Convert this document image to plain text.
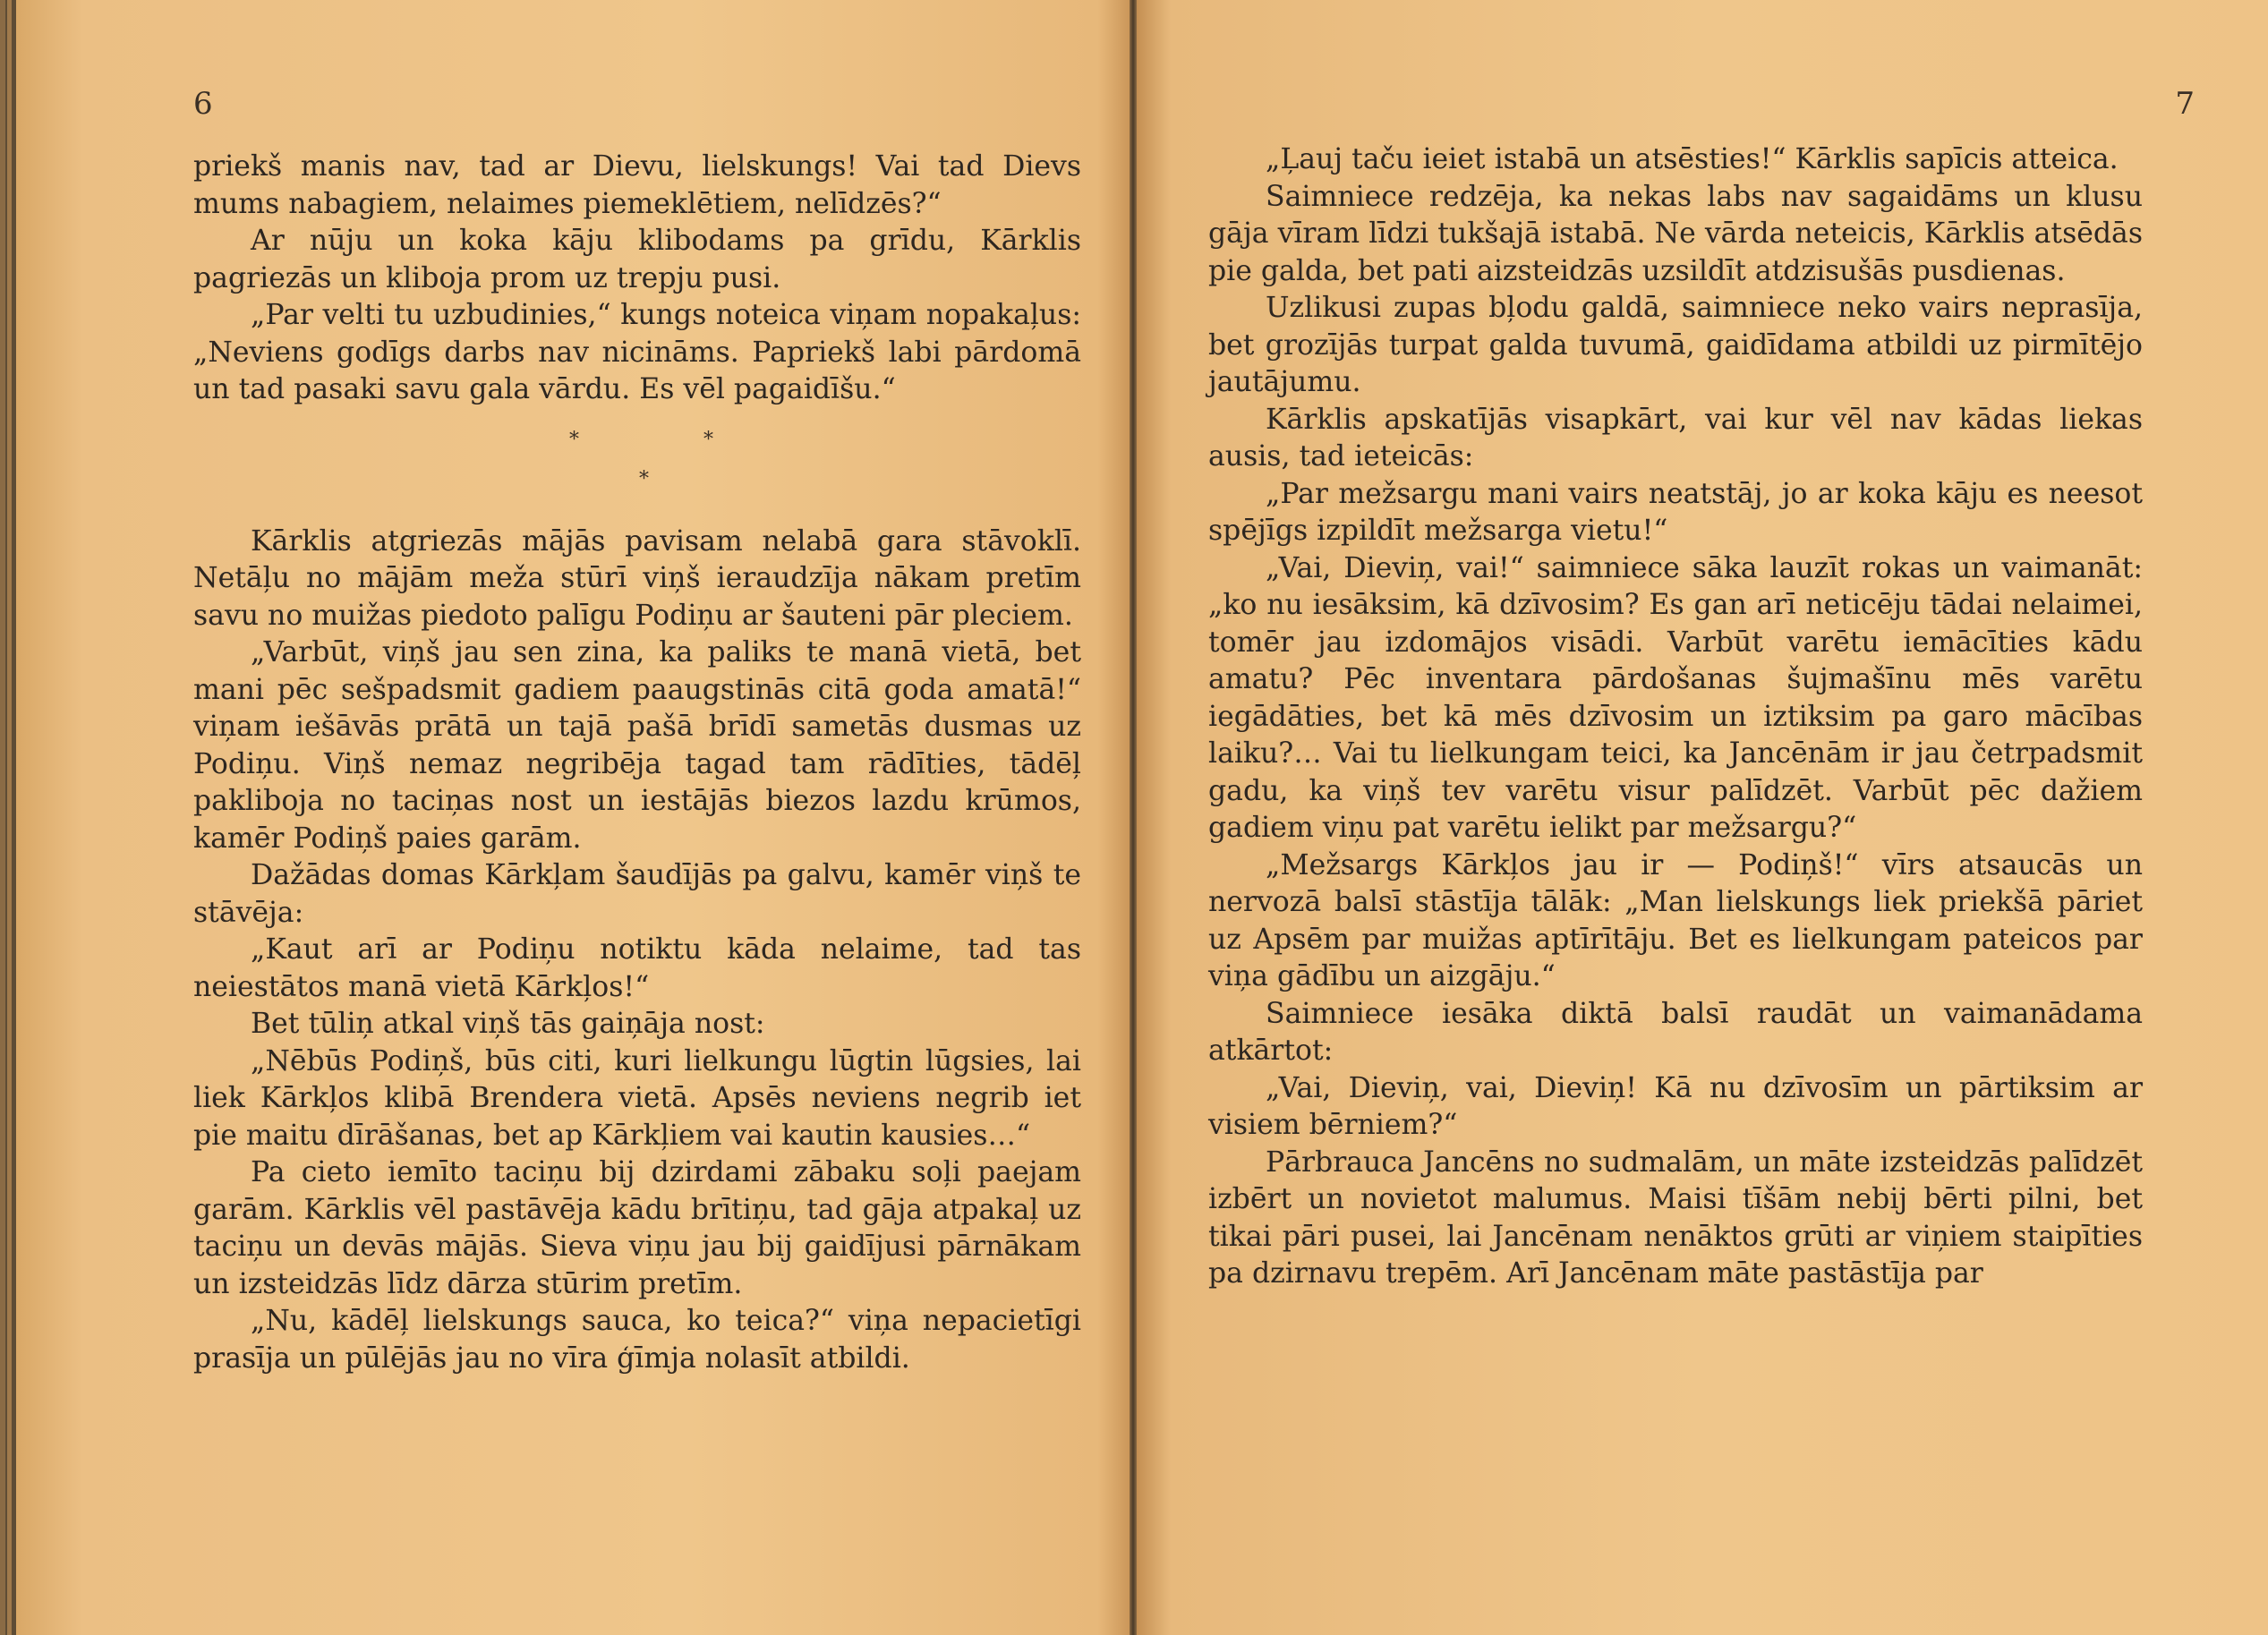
6

priekš manis nav, tad ar Dievu, lielskungs! Vai tad Dievs mums nabagiem, nelaimes piemeklētiem, nelīdzēs?“

Ar nūju un koka kāju klibodams pa grīdu, Kārklis pagriezās un kliboja prom uz trepju pusi.

„Par velti tu uzbudinies,“ kungs noteica viņam nopakaļus: „Neviens godīgs darbs nav nicināms. Papriekš labi pārdomā un tad pasaki savu gala vārdu. Es vēl pagaidīšu.“

*	*
*

Kārklis atgriezās mājās pavisam nelabā gara stāvoklī. Netāļu no mājām meža stūrī viņš ieraudzīja nākam pretīm savu no muižas piedoto palīgu Podiņu ar šauteni pār pleciem.

„Varbūt, viņš jau sen zina, ka paliks te manā vietā, bet mani pēc sešpadsmit gadiem paaugstinās citā goda amatā!“ viņam iešāvās prātā un tajā pašā brīdī sametās dusmas uz Podiņu. Viņš nemaz negribēja tagad tam rādīties, tādēļ pakliboja no taciņas nost un iestājās biezos lazdu krūmos, kamēr Podiņš paies garām.

Dažādas domas Kārkļam šaudījās pa galvu, kamēr viņš te stāvēja:

„Kaut arī ar Podiņu notiktu kāda nelaime, tad tas neiestātos manā vietā Kārkļos!“

Bet tūliņ atkal viņš tās gaiņāja nost:

„Nēbūs Podiņš, būs citi, kuri lielkungu lūgtin lūgsies, lai liek Kārkļos klibā Brendera vietā. Apsēs neviens negrib iet pie maitu dīrāšanas, bet ap Kārkļiem vai kautin kausies…“

Pa cieto iemīto taciņu bij dzirdami zābaku soļi paejam garām. Kārklis vēl pastāvēja kādu brītiņu, tad gāja atpakaļ uz taciņu un devās mājās. Sieva viņu jau bij gaidījusi pārnākam un izsteidzās līdz dārza stūrim pretīm.

„Nu, kādēļ lielskungs sauca, ko teica?“ viņa nepacietīgi prasīja un pūlējās jau no vīra ģīmja nolasīt atbildi.

7

„Ļauj taču ieiet istabā un atsēsties!“ Kārklis sapīcis atteica.

Saimniece redzēja, ka nekas labs nav sagaidāms un klusu gāja vīram līdzi tukšajā istabā. Ne vārda neteicis, Kārklis atsēdās pie galda, bet pati aizsteidzās uzsildīt atdzisušās pusdienas.

Uzlikusi zupas bļodu galdā, saimniece neko vairs neprasīja, bet grozījās turpat galda tuvumā, gaidīdama atbildi uz pirmītējo jautājumu.

Kārklis apskatījās visapkārt, vai kur vēl nav kādas liekas ausis, tad ieteicās:

„Par mežsargu mani vairs neatstāj, jo ar koka kāju es neesot spējīgs izpildīt mežsarga vietu!“

„Vai, Dieviņ, vai!“ saimniece sāka lauzīt rokas un vaimanāt: „ko nu iesāksim, kā dzīvosim? Es gan arī neticēju tādai nelaimei, tomēr jau izdomājos visādi. Varbūt varētu iemācīties kādu amatu? Pēc inventara pārdošanas šujmašīnu mēs varētu iegādāties, bet kā mēs dzīvosim un iztiksim pa garo mācības laiku?… Vai tu lielkungam teici, ka Jancēnām ir jau četrpadsmit gadu, ka viņš tev varētu visur palīdzēt. Varbūt pēc dažiem gadiem viņu pat varētu ielikt par mežsargu?“

„Mežsargs Kārkļos jau ir — Podiņš!“ vīrs atsaucās un nervozā balsī stāstīja tālāk: „Man lielskungs liek priekšā pāriet uz Apsēm par muižas aptīrītāju. Bet es lielkungam pateicos par viņa gādību un aizgāju.“

Saimniece iesāka diktā balsī raudāt un vaimanādama atkārtot:

„Vai, Dieviņ, vai, Dieviņ! Kā nu dzīvosīm un pārtiksim ar visiem bērniem?“

Pārbrauca Jancēns no sudmalām, un māte izsteidzās palīdzēt izbērt un novietot malumus. Maisi tīšām nebij bērti pilni, bet tikai pāri pusei, lai Jancēnam nenāktos grūti ar viņiem staipīties pa dzirnavu trepēm. Arī Jancēnam māte pastāstīja par
